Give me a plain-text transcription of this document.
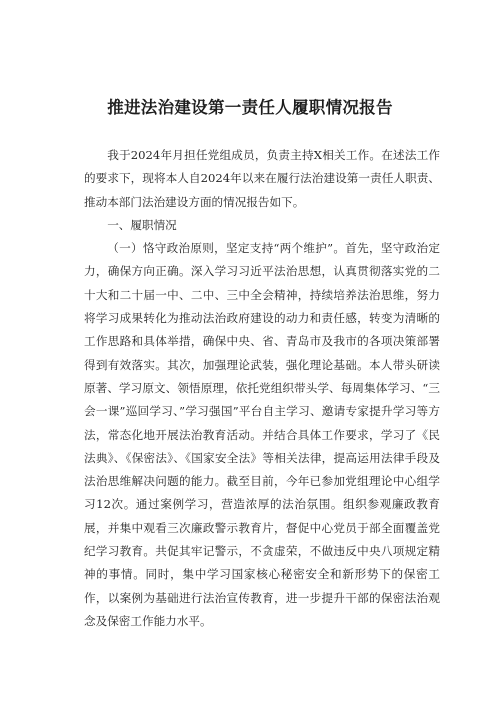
推进法治建设第一责任人履职情况报告

我于2024年月担任党组成员，负责主持X相关工作。在述法工作的要求下，现将本人自2024年以来在履行法治建设第一责任人职责、推动本部门法治建设方面的情况报告如下。

一、履职情况

（一）恪守政治原则，坚定支持“两个维护”。首先，坚守政治定力，确保方向正确。深入学习习近平法治思想，认真贯彻落实党的二十大和二十届一中、二中、三中全会精神，持续培养法治思维，努力将学习成果转化为推动法治政府建设的动力和责任感，转变为清晰的工作思路和具体举措，确保中央、省、青岛市及我市的各项决策部署得到有效落实。其次，加强理论武装，强化理论基础。本人带头研读原著、学习原文、领悟原理，依托党组织带头学、每周集体学习、“三会一课”巡回学习、”学习强国”平台自主学习、邀请专家提升学习等方法，常态化地开展法治教育活动。并结合具体工作要求，学习了《民法典》、《保密法》、《国家安全法》等相关法律，提高运用法律手段及法治思维解决问题的能力。截至目前，今年已参加党组理论中心组学习12次。通过案例学习，营造浓厚的法治氛围。组织参观廉政教育展，并集中观看三次廉政警示教育片，督促中心党员于部全面覆盖党纪学习教育。共促其牢记警示，不贪虚荣，不做违反中央八项规定精神的事情。同时，集中学习国家核心秘密安全和新形势下的保密工作，以案例为基础进行法治宣传教育，进一步提升干部的保密法治观念及保密工作能力水平。
